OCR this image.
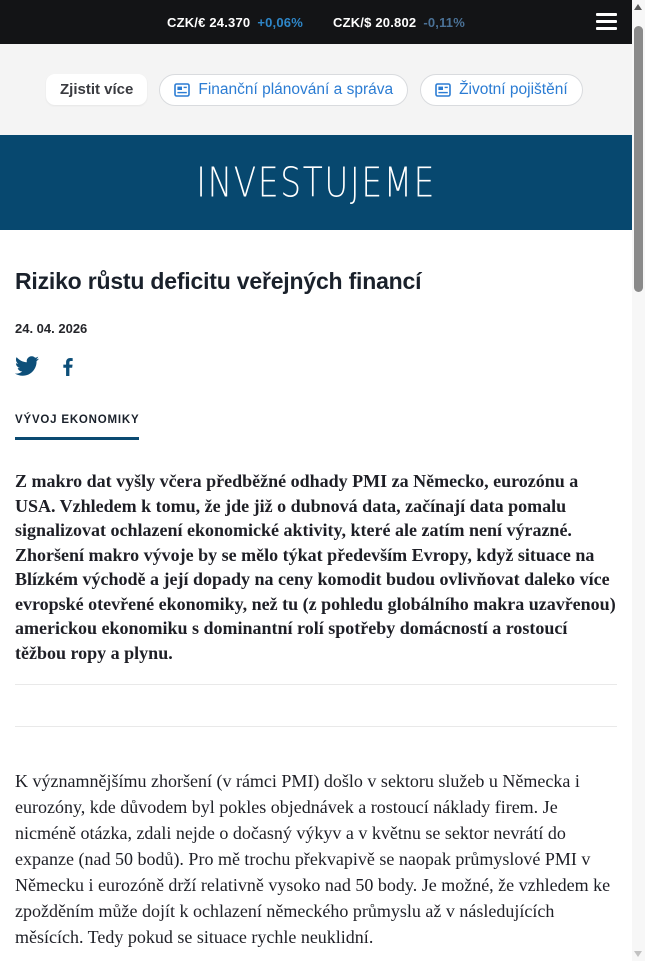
CZK/€ 24.370 +0,06% CZK/$ 20.802 -0,11%
Zjistit více	Finanční plánování a správa	Životní pojištění
INVESTUJEME
Riziko růstu deficitu veřejných financí
24. 04. 2026
VÝVOJ EKONOMIKY

Z makro dat vyšly včera předběžné odhady PMI za Německo, eurozónu a USA. Vzhledem k tomu, že jde již o dubnová data, začínají data pomalu signalizovat ochlazení ekonomické aktivity, které ale zatím není výrazné. Zhoršení makro vývoje by se mělo týkat především Evropy, když situace na Blízkém východě a její dopady na ceny komodit budou ovlivňovat daleko více evropské otevřené ekonomiky, než tu (z pohledu globálního makra uzavřenou) americkou ekonomiku s dominantní rolí spotřeby domácností a rostoucí těžbou ropy a plynu.

K významnějšímu zhoršení (v rámci PMI) došlo v sektoru služeb u Německa i eurozóny, kde důvodem byl pokles objednávek a rostoucí náklady firem. Je nicméně otázka, zdali nejde o dočasný výkyv a v květnu se sektor nevrátí do expanze (nad 50 bodů). Pro mě trochu překvapivě se naopak průmyslové PMI v Německu i eurozóně drží relativně vysoko nad 50 body. Je možné, že vzhledem ke zpožděním může dojít k ochlazení německého průmyslu až v následujících měsících. Tedy pokud se situace rychle neuklidní.
